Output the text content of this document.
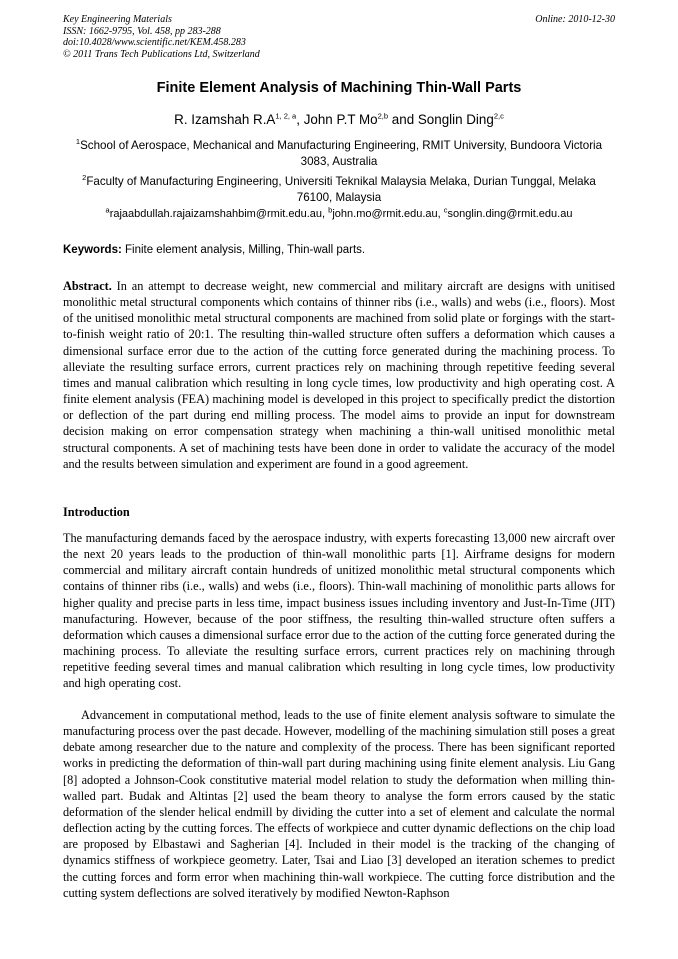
Key Engineering Materials
ISSN: 1662-9795, Vol. 458, pp 283-288
doi:10.4028/www.scientific.net/KEM.458.283
© 2011 Trans Tech Publications Ltd, Switzerland
Online: 2010-12-30
Finite Element Analysis of Machining Thin-Wall Parts
R. Izamshah $R.A^{1, 2, a}$, John P.T Mo$^{2,b}$ and Songlin Ding$^{2,c}$
$^1$School of Aerospace, Mechanical and Manufacturing Engineering, RMIT University, Bundoora Victoria 3083, Australia
$^2$Faculty of Manufacturing Engineering, Universiti Teknikal Malaysia Melaka, Durian Tunggal, Melaka 76100, Malaysia
$^a$rajaabdullah.rajaizamshahbim@rmit.edu.au, $^b$john.mo@rmit.edu.au, $^c$songlin.ding@rmit.edu.au
Keywords: Finite element analysis, Milling, Thin-wall parts.
Abstract. In an attempt to decrease weight, new commercial and military aircraft are designs with unitised monolithic metal structural components which contains of thinner ribs (i.e., walls) and webs (i.e., floors). Most of the unitised monolithic metal structural components are machined from solid plate or forgings with the start-to-finish weight ratio of 20:1. The resulting thin-walled structure often suffers a deformation which causes a dimensional surface error due to the action of the cutting force generated during the machining process. To alleviate the resulting surface errors, current practices rely on machining through repetitive feeding several times and manual calibration which resulting in long cycle times, low productivity and high operating cost. A finite element analysis (FEA) machining model is developed in this project to specifically predict the distortion or deflection of the part during end milling process. The model aims to provide an input for downstream decision making on error compensation strategy when machining a thin-wall unitised monolithic metal structural components. A set of machining tests have been done in order to validate the accuracy of the model and the results between simulation and experiment are found in a good agreement.
Introduction
The manufacturing demands faced by the aerospace industry, with experts forecasting 13,000 new aircraft over the next 20 years leads to the production of thin-wall monolithic parts [1]. Airframe designs for modern commercial and military aircraft contain hundreds of unitized monolithic metal structural components which contains of thinner ribs (i.e., walls) and webs (i.e., floors). Thin-wall machining of monolithic parts allows for higher quality and precise parts in less time, impact business issues including inventory and Just-In-Time (JIT) manufacturing. However, because of the poor stiffness, the resulting thin-walled structure often suffers a deformation which causes a dimensional surface error due to the action of the cutting force generated during the machining process. To alleviate the resulting surface errors, current practices rely on machining through repetitive feeding several times and manual calibration which resulting in long cycle times, low productivity and high operating cost.
Advancement in computational method, leads to the use of finite element analysis software to simulate the manufacturing process over the past decade. However, modelling of the machining simulation still poses a great debate among researcher due to the nature and complexity of the process. There has been significant reported works in predicting the deformation of thin-wall part during machining using finite element analysis. Liu Gang [8] adopted a Johnson-Cook constitutive material model relation to study the deformation when milling thin-walled part. Budak and Altintas [2] used the beam theory to analyse the form errors caused by the static deformation of the slender helical endmill by dividing the cutter into a set of element and calculate the normal deflection acting by the cutting forces. The effects of workpiece and cutter dynamic deflections on the chip load are proposed by Elbastawi and Sagherian [4]. Included in their model is the tracking of the changing of dynamics stiffness of workpiece geometry. Later, Tsai and Liao [3] developed an iteration schemes to predict the cutting forces and form error when machining thin-wall workpiece. The cutting force distribution and the cutting system deflections are solved iteratively by modified Newton-Raphson
